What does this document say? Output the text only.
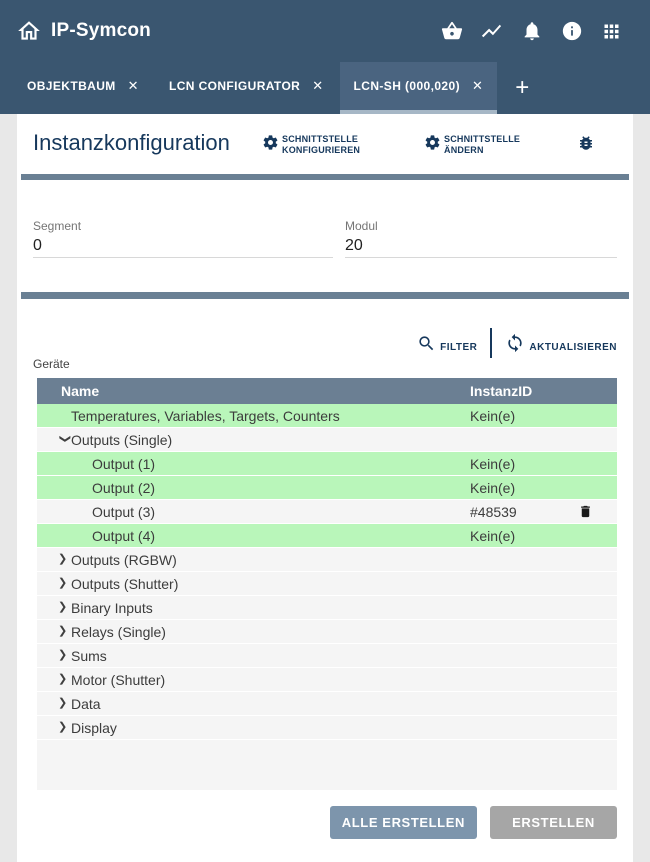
IP-Symcon
OBJEKTBAUM ✕	LCN CONFIGURATOR ✕	LCN-SH (000,020) ✕ +
Instanzkonfiguration	SCHNITTSTELLE
KONFIGURIEREN
SCHNITTSTELLE
ÄNDERN
Segment
0
Modul
20
FILTER	AKTUALISIEREN
Geräte
Name	InstanzID
Temperatures, Variables, Targets, Counters	Kein(e)
❯ Outputs (Single)
Output (1)	Kein(e)
Output (2)	Kein(e)
Output (3)	#48539
Output (4)	Kein(e)
❯ Outputs (RGBW)
❯ Outputs (Shutter)
❯ Binary Inputs
❯ Relays (Single)
❯ Sums
❯ Motor (Shutter)
❯ Data
❯ Display
ALLE ERSTELLEN	ERSTELLEN
